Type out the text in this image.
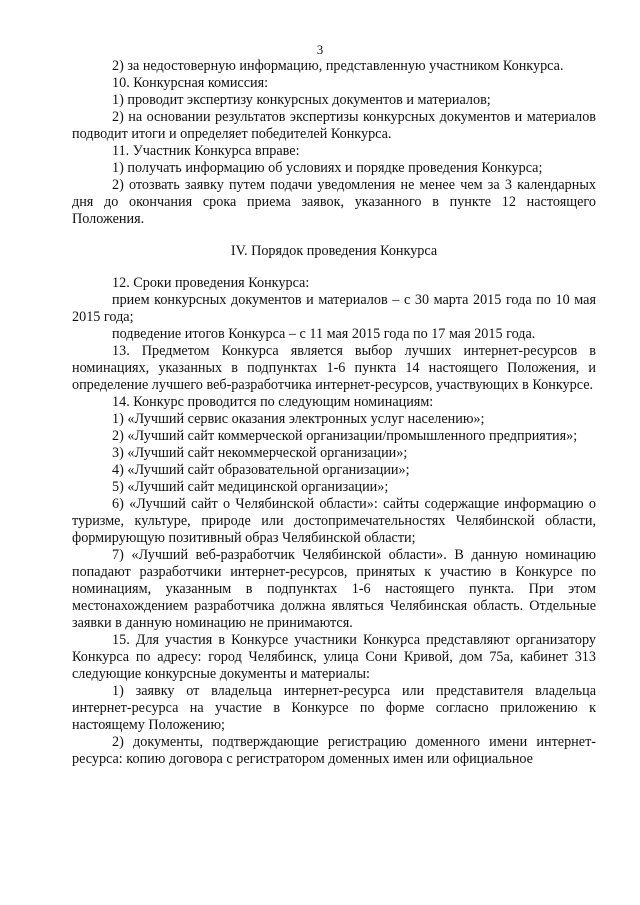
3

2) за недостоверную информацию, представленную участником Конкурса.

10. Конкурсная комиссия:

1) проводит экспертизу конкурсных документов и материалов;

2) на основании результатов экспертизы конкурсных документов и материалов подводит итоги и определяет победителей Конкурса.

11. Участник Конкурса вправе:

1) получать информацию об условиях и порядке проведения Конкурса;

2) отозвать заявку путем подачи уведомления не менее чем за 3 календарных дня до окончания срока приема заявок, указанного в пункте 12 настоящего Положения.

IV. Порядок проведения Конкурса

12. Сроки проведения Конкурса:

прием конкурсных документов и материалов – с 30 марта 2015 года по 10 мая 2015 года;

подведение итогов Конкурса – с 11 мая 2015 года по 17 мая 2015 года.

13. Предметом Конкурса является выбор лучших интернет-ресурсов в номинациях, указанных в подпунктах 1-6 пункта 14 настоящего Положения, и определение лучшего веб-разработчика интернет-ресурсов, участвующих в Конкурсе.

14. Конкурс проводится по следующим номинациям:

1) «Лучший сервис оказания электронных услуг населению»;

2) «Лучший сайт коммерческой организации/промышленного предприятия»;

3) «Лучший сайт некоммерческой организации»;

4) «Лучший сайт образовательной организации»;

5) «Лучший сайт медицинской организации»;

6) «Лучший сайт о Челябинской области»: сайты содержащие информацию о туризме, культуре, природе или достопримечательностях Челябинской области, формирующую позитивный образ Челябинской области;

7) «Лучший веб-разработчик Челябинской области». В данную номинацию попадают разработчики интернет-ресурсов, принятых к участию в Конкурсе по номинациям, указанным в подпунктах 1-6 настоящего пункта. При этом местонахождением разработчика должна являться Челябинская область. Отдельные заявки в данную номинацию не принимаются.

15. Для участия в Конкурсе участники Конкурса представляют организатору Конкурса по адресу: город Челябинск, улица Сони Кривой, дом 75а, кабинет 313 следующие конкурсные документы и материалы:

1) заявку от владельца интернет-ресурса или представителя владельца интернет-ресурса на участие в Конкурсе по форме согласно приложению к настоящему Положению;

2) документы, подтверждающие регистрацию доменного имени интернет-ресурса: копию договора с регистратором доменных имен или официальное
